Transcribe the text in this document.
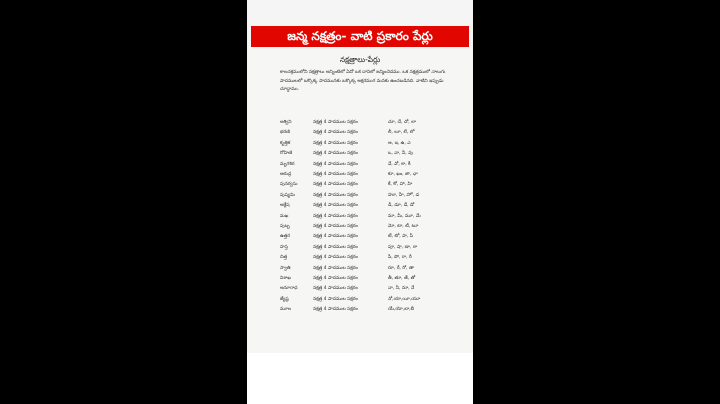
జన్మ నక్షత్రం- వాటి ప్రకారం పేర్లు
నక్షత్రాలు-పేర్లు
కాలచక్రములోని నక్షత్రాలు అన్నింటిలో ఏదో ఒక దానిలో జన్మించెదము. ఒక నక్షత్రములో నాలుగు పాదములలో ఒక్కొక్క పాదమునకు ఒక్కొక్క అక్షరముగ మనకు ఉంచబడినది. వాటిని ఇప్పుడు చూద్దాము.
అశ్విని	నక్షత్ర 4 పాదముల సక్షరం	చూ, చే, చో, లా
భరణి	నక్షత్ర 4 పాదముల సక్షరం	లీ, లూ, లే, లో
కృత్తిక	నక్షత్ర 4 పాదముల సక్షరం	అ, ఇ, ఉ, ఎ
రోహిణి	నక్షత్ర 4 పాదముల సక్షరం	ఒ, వా, వీ, వు
మృగశిర	నక్షత్ర 4 పాదముల సక్షరం	వే, వో, కా, కీ
ఆరుద్ర	నక్షత్ర 4 పాదముల సక్షరం	కూ, ఖం, ఙా, ఛా
పునర్వసు	నక్షత్ర 4 పాదముల సక్షరం	కే, కో, హా, హి
పుష్యమి	నక్షత్ర 4 పాదముల సక్షరం	హూ, హే, హో, డ
ఆశ్లేష	నక్షత్ర 4 పాదముల సక్షరం	డీ, డూ, డే, డో
మఖ	నక్షత్ర 4 పాదముల సక్షరం	మా, మీ, మూ, మే
పుబ్బ	నక్షత్ర 4 పాదముల సక్షరం	మో, టా, టీ, టూ
ఉత్తర	నక్షత్ర 4 పాదముల సక్షరం	టే, టో, పా, పీ
హస్త	నక్షత్ర 4 పాదముల సక్షరం	పూ, షా, ణా, ఠా
చిత్త	నక్షత్ర 4 పాదముల సక్షరం	పే, పో, రా, రీ
స్వాతి	నక్షత్ర 4 పాదముల సక్షరం	రూ, రే, రో, తా
విశాఖ	నక్షత్ర 4 పాదముల సక్షరం	తీ, తూ, తే, తో
అనూరాధ	నక్షత్ర 4 పాదముల సక్షరం	నా, నీ, నూ, నే
జ్యేష్ఠ	నక్షత్ర 4 పాదముల సక్షరం	నో,యా,యీ,యూ
మూల	నక్షత్ర 4 పాదముల సక్షరం	యే,యో,బా,బీ
